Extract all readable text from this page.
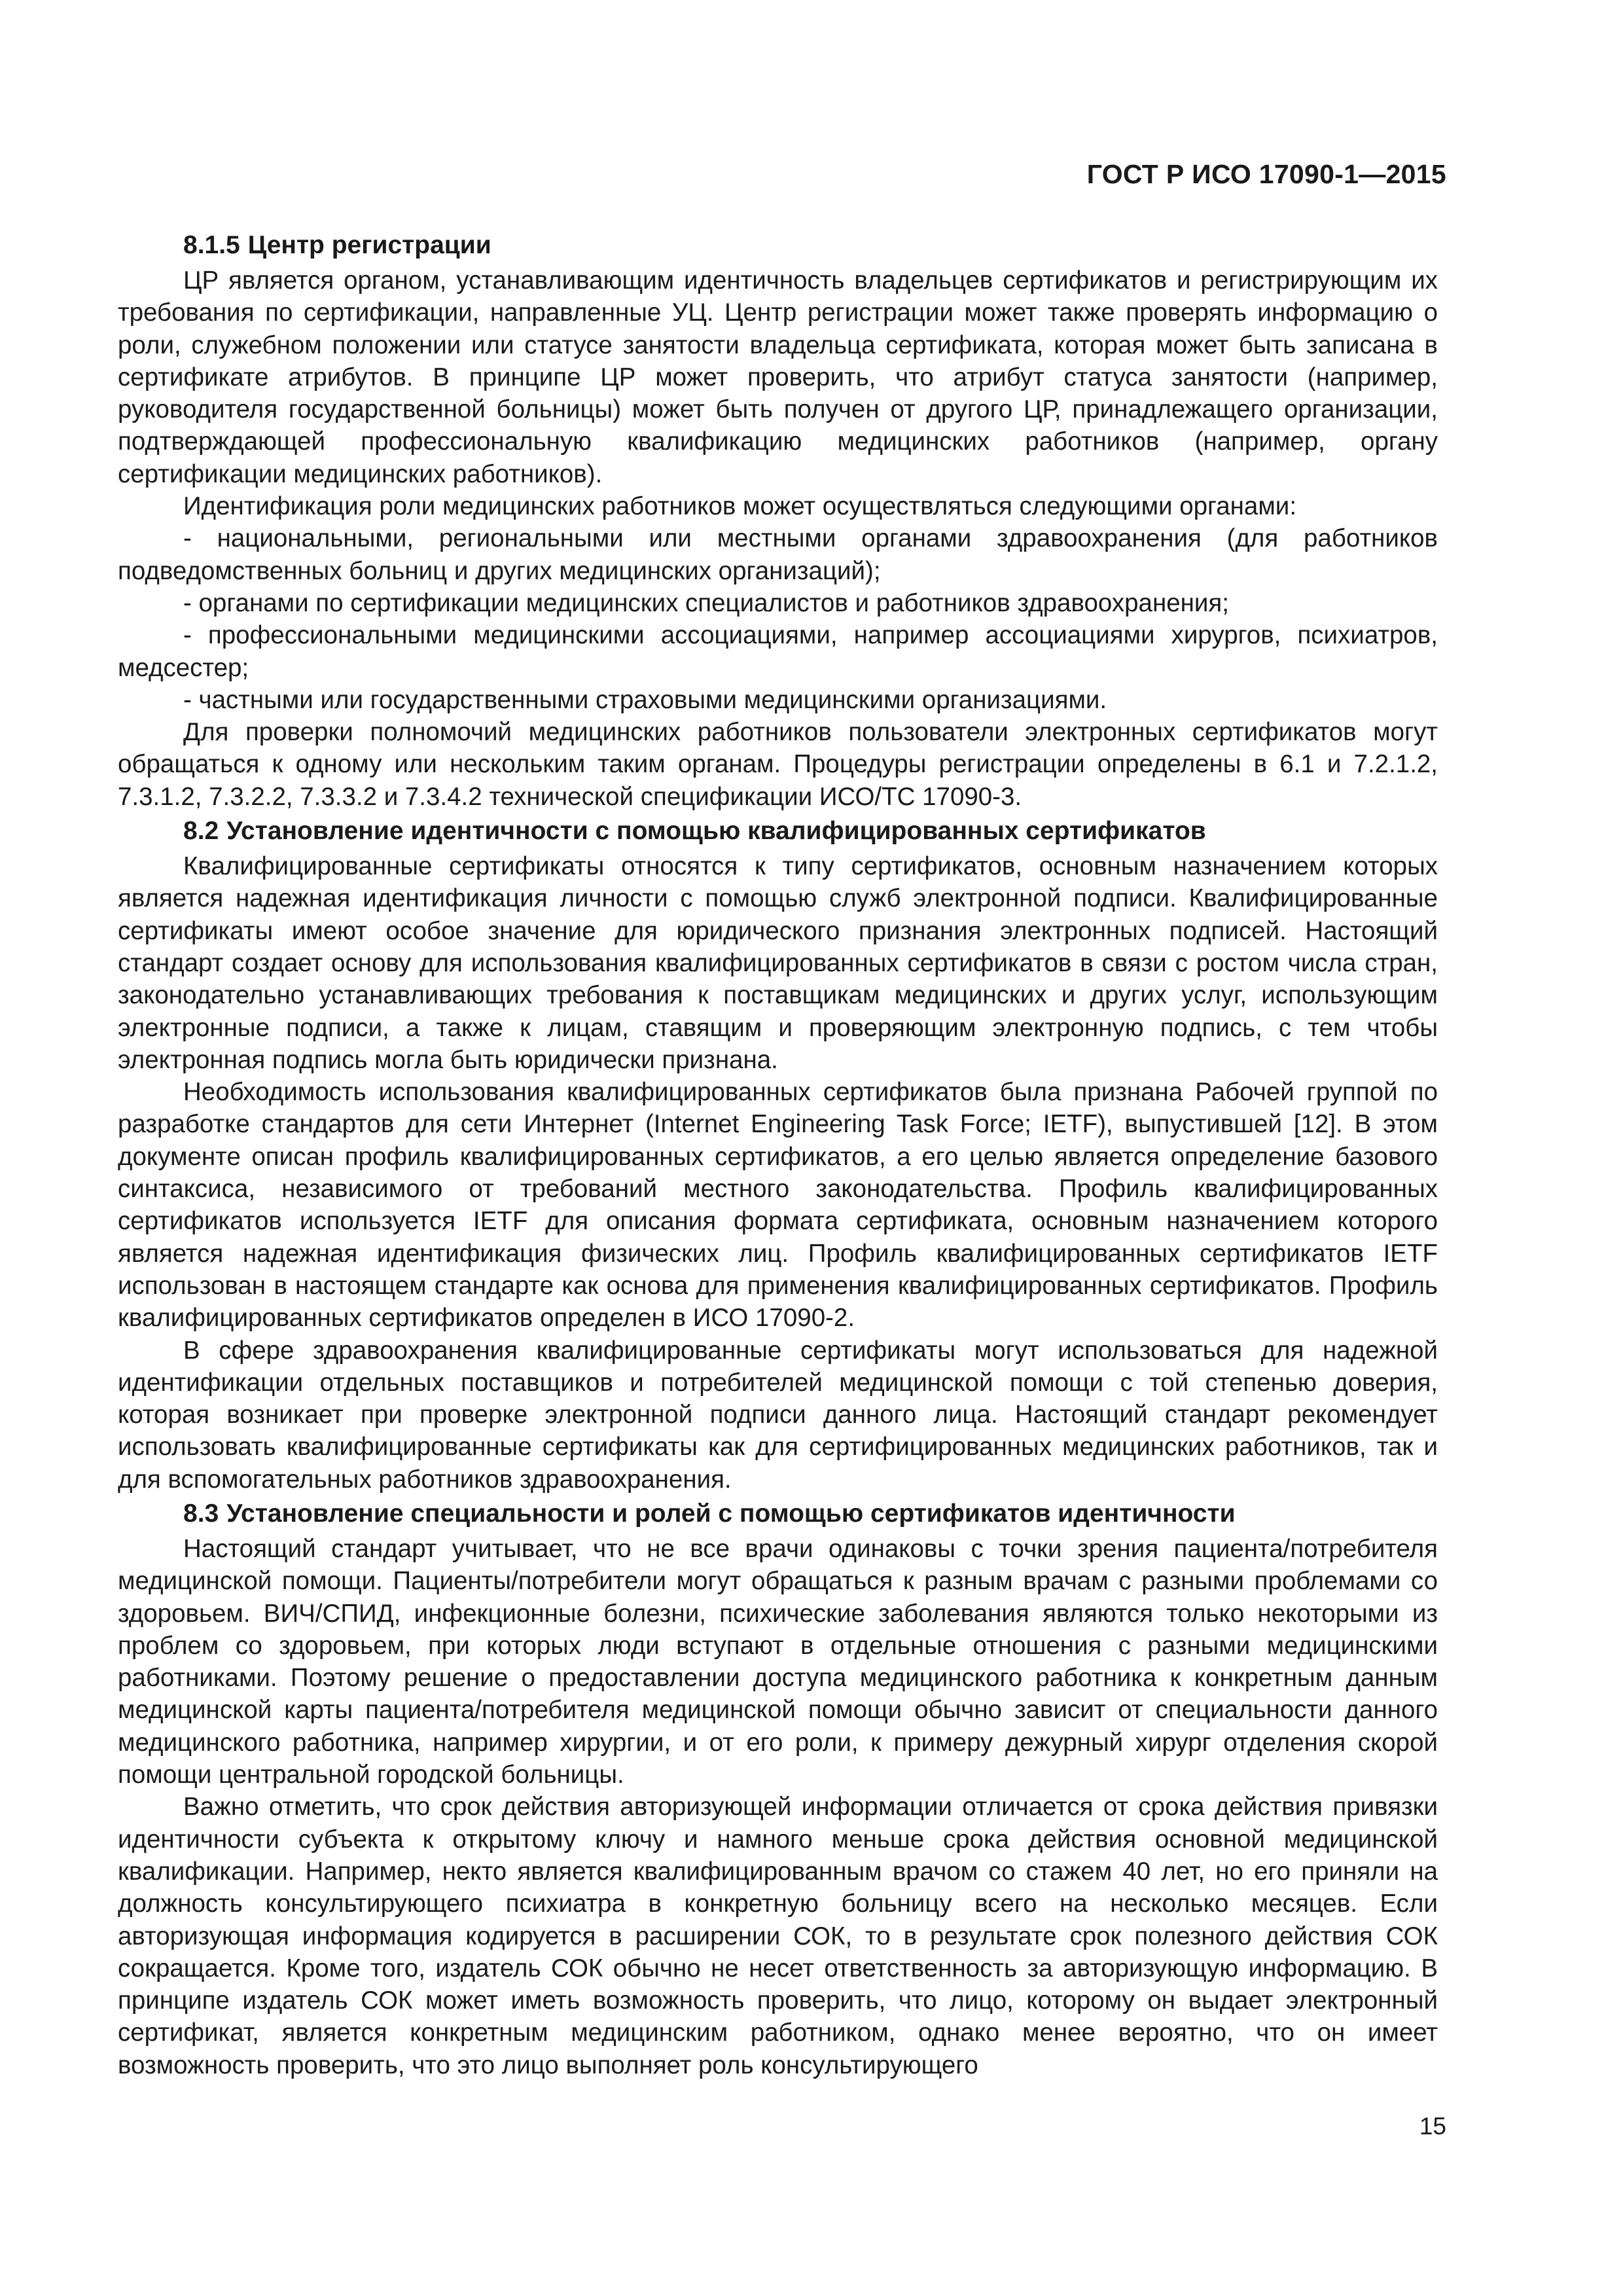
ГОСТ Р ИСО 17090-1—2015
8.1.5 Центр регистрации

ЦР является органом, устанавливающим идентичность владельцев сертификатов и регистрирующим их требования по сертификации, направленные УЦ. Центр регистрации может также проверять информацию о роли, служебном положении или статусе занятости владельца сертификата, которая может быть записана в сертификате атрибутов. В принципе ЦР может проверить, что атрибут статуса занятости (например, руководителя государственной больницы) может быть получен от другого ЦР, принадлежащего организации, подтверждающей профессиональную квалификацию медицинских работников (например, органу сертификации медицинских работников).

Идентификация роли медицинских работников может осуществляться следующими органами:

- национальными, региональными или местными органами здравоохранения (для работников подведомственных больниц и других медицинских организаций);

- органами по сертификации медицинских специалистов и работников здравоохранения;

- профессиональными медицинскими ассоциациями, например ассоциациями хирургов, психиатров, медсестер;

- частными или государственными страховыми медицинскими организациями.

Для проверки полномочий медицинских работников пользователи электронных сертификатов могут обращаться к одному или нескольким таким органам. Процедуры регистрации определены в 6.1 и 7.2.1.2, 7.3.1.2, 7.3.2.2, 7.3.3.2 и 7.3.4.2 технической спецификации ИСО/ТС 17090-3.

8.2 Установление идентичности с помощью квалифицированных сертификатов

Квалифицированные сертификаты относятся к типу сертификатов, основным назначением которых является надежная идентификация личности с помощью служб электронной подписи. Квалифицированные сертификаты имеют особое значение для юридического признания электронных подписей. Настоящий стандарт создает основу для использования квалифицированных сертификатов в связи с ростом числа стран, законодательно устанавливающих требования к поставщикам медицинских и других услуг, использующим электронные подписи, а также к лицам, ставящим и проверяющим электронную подпись, с тем чтобы электронная подпись могла быть юридически признана.

Необходимость использования квалифицированных сертификатов была признана Рабочей группой по разработке стандартов для сети Интернет (Internet Engineering Task Force; IETF), выпустившей [12]. В этом документе описан профиль квалифицированных сертификатов, а его целью является определение базового синтаксиса, независимого от требований местного законодательства. Профиль квалифицированных сертификатов используется IETF для описания формата сертификата, основным назначением которого является надежная идентификация физических лиц. Профиль квалифицированных сертификатов IETF использован в настоящем стандарте как основа для применения квалифицированных сертификатов. Профиль квалифицированных сертификатов определен в ИСО 17090-2.

В сфере здравоохранения квалифицированные сертификаты могут использоваться для надежной идентификации отдельных поставщиков и потребителей медицинской помощи с той степенью доверия, которая возникает при проверке электронной подписи данного лица. Настоящий стандарт рекомендует использовать квалифицированные сертификаты как для сертифицированных медицинских работников, так и для вспомогательных работников здравоохранения.

8.3 Установление специальности и ролей с помощью сертификатов идентичности

Настоящий стандарт учитывает, что не все врачи одинаковы с точки зрения пациента/потребителя медицинской помощи. Пациенты/потребители могут обращаться к разным врачам с разными проблемами со здоровьем. ВИЧ/СПИД, инфекционные болезни, психические заболевания являются только некоторыми из проблем со здоровьем, при которых люди вступают в отдельные отношения с разными медицинскими работниками. Поэтому решение о предоставлении доступа медицинского работника к конкретным данным медицинской карты пациента/потребителя медицинской помощи обычно зависит от специальности данного медицинского работника, например хирургии, и от его роли, к примеру дежурный хирург отделения скорой помощи центральной городской больницы.

Важно отметить, что срок действия авторизующей информации отличается от срока действия привязки идентичности субъекта к открытому ключу и намного меньше срока действия основной медицинской квалификации. Например, некто является квалифицированным врачом со стажем 40 лет, но его приняли на должность консультирующего психиатра в конкретную больницу всего на несколько месяцев. Если авторизующая информация кодируется в расширении СОК, то в результате срок полезного действия СОК сокращается. Кроме того, издатель СОК обычно не несет ответственность за авторизующую информацию. В принципе издатель СОК может иметь возможность проверить, что лицо, которому он выдает электронный сертификат, является конкретным медицинским работником, однако менее вероятно, что он имеет возможность проверить, что это лицо выполняет роль консультирующего

15
